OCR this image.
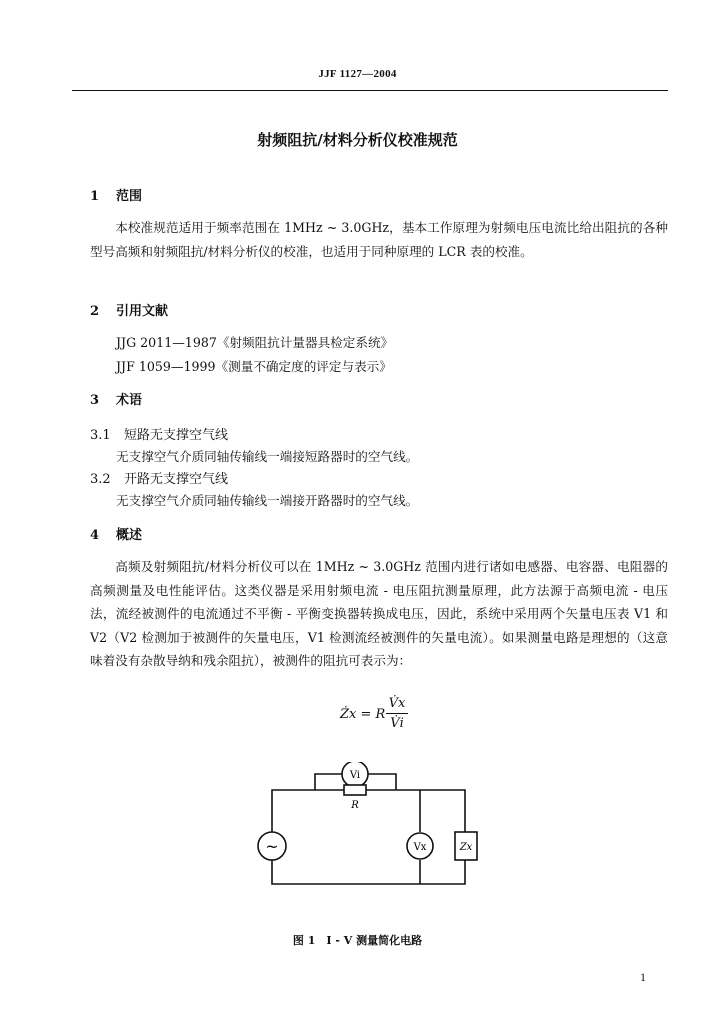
JJF 1127—2004
射频阻抗/材料分析仪校准规范
1 范围
本校准规范适用于频率范围在 1MHz ~ 3.0GHz，基本工作原理为射频电压电流比给出阻抗的各种型号高频和射频阻抗/材料分析仪的校准，也适用于同种原理的 LCR 表的校准。
2 引用文献
JJG 2011—1987《射频阻抗计量器具检定系统》
JJF 1059—1999《测量不确定度的评定与表示》
3 术语
3.1 短路无支撑空气线
无支撑空气介质同轴传输线一端接短路器时的空气线。
3.2 开路无支撑空气线
无支撑空气介质同轴传输线一端接开路器时的空气线。
4 概述
高频及射频阻抗/材料分析仪可以在 1MHz ~ 3.0GHz 范围内进行诸如电感器、电容器、电阻器的高频测量及电性能评估。这类仪器是采用射频电流 - 电压阻抗测量原理，此方法源于高频电流 - 电压法，流经被测件的电流通过不平衡 - 平衡变换器转换成电压，因此，系统中采用两个矢量电压表 V1 和 V2（V2 检测加于被测件的矢量电压，V1 检测流经被测件的矢量电流）。如果测量电路是理想的（这意味着没有杂散导纳和残余阻抗），被测件的阻抗可表示为：
Żx = R
V̇x
V̇i
~
Vi
R
Vx	Zx
图 1　I - V 测量简化电路
1
